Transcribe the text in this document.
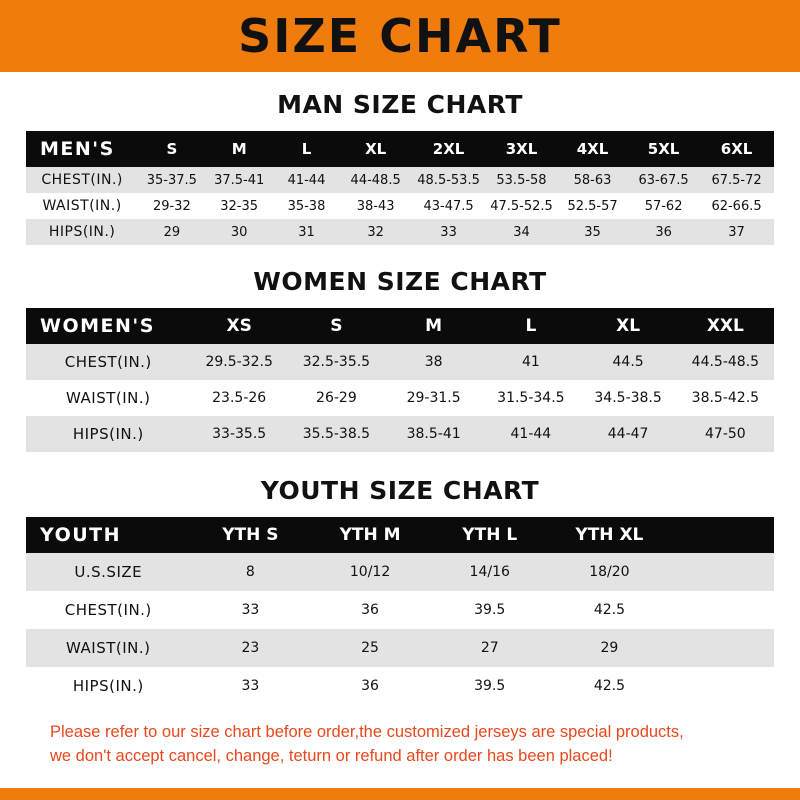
SIZE CHART
MAN SIZE CHART
MEN'S	S	M	L	XL	2XL	3XL	4XL	5XL	6XL
CHEST(IN.)	35-37.5	37.5-41	41-44	44-48.5	48.5-53.5	53.5-58	58-63	63-67.5	67.5-72
WAIST(IN.)	29-32	32-35	35-38	38-43	43-47.5	47.5-52.5	52.5-57	57-62	62-66.5
HIPS(IN.)	29	30	31	32	33	34	35	36	37
WOMEN SIZE CHART
WOMEN'S	XS	S	M	L	XL	XXL
CHEST(IN.)	29.5-32.5	32.5-35.5	38	41	44.5	44.5-48.5
WAIST(IN.)	23.5-26	26-29	29-31.5	31.5-34.5	34.5-38.5	38.5-42.5
HIPS(IN.)	33-35.5	35.5-38.5	38.5-41	41-44	44-47	47-50
YOUTH SIZE CHART
YOUTH	YTH S	YTH M	YTH L	YTH XL	
U.S.SIZE	8	10/12	14/16	18/20	
CHEST(IN.)	33	36	39.5	42.5	
WAIST(IN.)	23	25	27	29	
HIPS(IN.)	33	36	39.5	42.5	

Please refer to our size chart before order,the customized jerseys are special products,
we don't accept cancel, change, teturn or refund after order has been placed!
